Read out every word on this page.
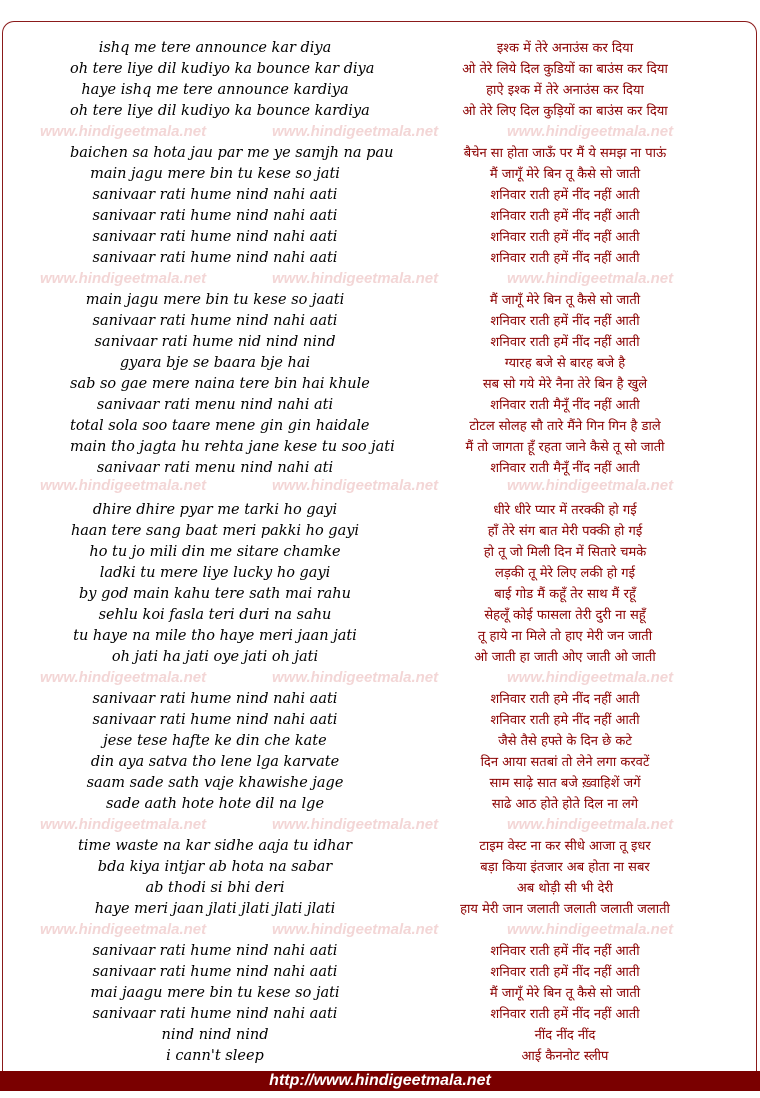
ishq me tere announce kar diya	इश्क में तेरे अनाउंस कर दिया
oh tere liye dil kudiyo ka bounce kar diya	ओ तेरे लिये दिल कुडियों का बाउंस कर दिया
haye ishq me tere announce kardiya	हाऐ इश्क में तेरे अनाउंस कर दिया
oh tere liye dil kudiyo ka bounce kardiya	ओ तेरे लिए दिल कुड़ियों का बाउंस कर दिया
baichen sa hota jau par me ye samjh na pau	बैचेन सा होता जाऊँ पर मैं ये समझ ना पाऊं
main jagu mere bin tu kese so jati	मैं जागूँ मेरे बिन तू कैसे सो जाती
sanivaar rati hume nind nahi aati	शनिवार राती हमें नींद नहीं आती
sanivaar rati hume nind nahi aati	शनिवार राती हमें नींद नहीं आती
sanivaar rati hume nind nahi aati	शनिवार राती हमें नींद नहीं आती
sanivaar rati hume nind nahi aati	शनिवार राती हमें नींद नहीं आती
main jagu mere bin tu kese so jaati	मैं जागूँ मेरे बिन तू कैसे सो जाती
sanivaar rati hume nind nahi aati	शनिवार राती हमें नींद नहीं आती
sanivaar rati hume nid nind nind	शनिवार राती हमें नींद नहीं आती
gyara bje se baara bje hai	ग्यारह बजे से बारह बजे है
sab so gae mere naina tere bin hai khule	सब सो गये मेरे नैना तेरे बिन है खुले
sanivaar rati menu nind nahi ati	शनिवार राती मैनूँ नींद नहीं आती
total sola soo taare mene gin gin haidale	टोटल सोलह सौ तारे मैंने गिन गिन है डाले
main tho jagta hu rehta jane kese tu soo jati	मैं तो जागता हूँ रहता जाने कैसे तू सो जाती
sanivaar rati menu nind nahi ati	शनिवार राती मैनूँ नींद नहीं आती
dhire dhire pyar me tarki ho gayi	धीरे धीरे प्यार में तरक्की हो गई
haan tere sang baat meri pakki ho gayi	हाँ तेरे संग बात मेरी पक्की हो गई
ho tu jo mili din me sitare chamke	हो तू जो मिली दिन में सितारे चमके
ladki tu mere liye lucky ho gayi	लड़की तू मेरे लिए लकी हो गई
by god main kahu tere sath mai rahu	बाई गोड मैं कहूँ तेर साथ मैं रहूँ
sehlu koi fasla teri duri na sahu	सेहलूँ कोई फासला तेरी दुरी ना सहूँ
tu haye na mile tho haye meri jaan jati	तू हाये ना मिले तो हाए मेरी जन जाती
oh jati ha jati oye jati oh jati	ओ जाती हा जाती ओए जाती ओ जाती
sanivaar rati hume nind nahi aati	शनिवार राती हमे नींद नहीं आती
sanivaar rati hume nind nahi aati	शनिवार राती हमे नींद नहीं आती
jese tese hafte ke din che kate	जैसे तैसे हफ्ते के दिन छे कटे
din aya satva tho lene lga karvate	दिन आया सतबां तो लेने लगा करवटें
saam sade sath vaje khawishe jage	साम साढ़े सात बजे ख़्वाहिशें जगें
sade aath hote hote dil na lge	साढे आठ होते होते दिल ना लगे
time waste na kar sidhe aaja tu idhar	टाइम वेस्ट ना कर सीधे आजा तू इधर
bda kiya intjar ab hota na sabar	बड़ा किया इंतजार अब होता ना सबर
ab thodi si bhi deri	अब थोड़ी सी भी देरी
haye meri jaan jlati jlati jlati jlati	हाय मेरी जान जलाती जलाती जलाती जलाती
sanivaar rati hume nind nahi aati	शनिवार राती हमें नींद नहीं आती
sanivaar rati hume nind nahi aati	शनिवार राती हमें नींद नहीं आती
mai jaagu mere bin tu kese so jati	मैं जागूँ मेरे बिन तू कैसे सो जाती
sanivaar rati hume nind nahi aati	शनिवार राती हमें नींद नहीं आती
nind nind nind	नींद नींद नींद
i cann't sleep	आई कैननोट स्लीप
www.hindigeetmala.net	www.hindigeetmala.net	www.hindigeetmala.net
www.hindigeetmala.net	www.hindigeetmala.net	www.hindigeetmala.net
www.hindigeetmala.net	www.hindigeetmala.net	www.hindigeetmala.net
www.hindigeetmala.net	www.hindigeetmala.net	www.hindigeetmala.net
www.hindigeetmala.net	www.hindigeetmala.net	www.hindigeetmala.net
www.hindigeetmala.net	www.hindigeetmala.net	www.hindigeetmala.net
http://www.hindigeetmala.net
